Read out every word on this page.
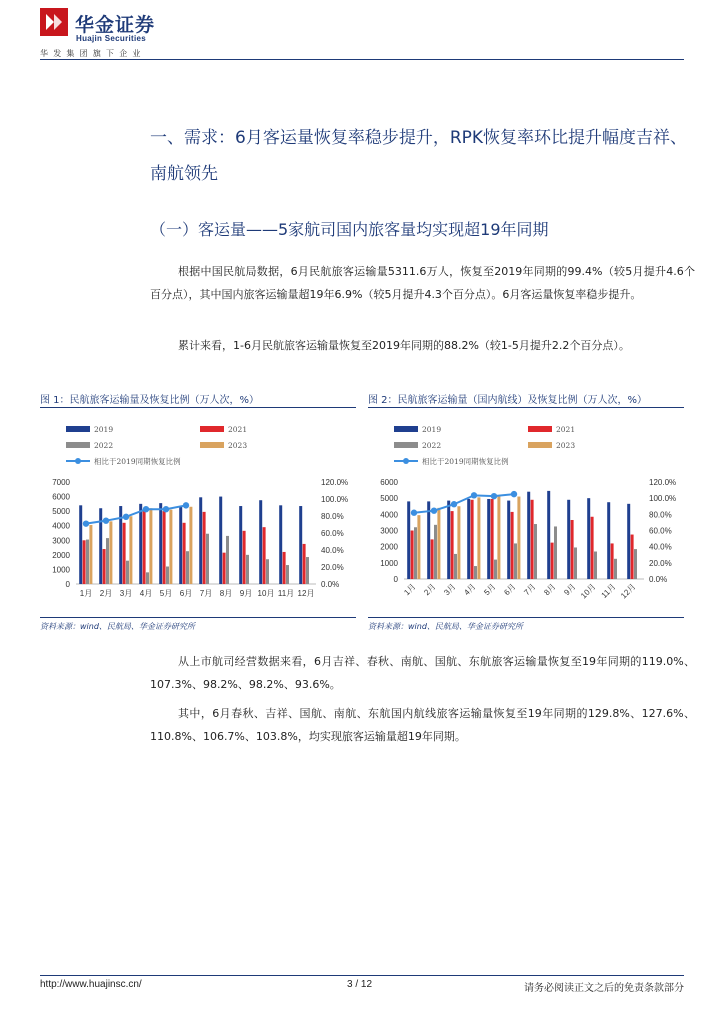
华金证券
Huajin Securities
华发集团旗下企业
一、需求：6月客运量恢复率稳步提升，RPK恢复率环比提升幅度吉祥、南航领先
（一）客运量——5家航司国内旅客量均实现超19年同期
根据中国民航局数据，6月民航旅客运输量5311.6万人，恢复至2019年同期的99.4%（较5月提升4.6个百分点），其中国内旅客运输量超19年6.9%（较5月提升4.3个百分点）。6月客运量恢复率稳步提升。
累计来看，1-6月民航旅客运输量恢复至2019年同期的88.2%（较1-5月提升2.2个百分点）。
图 1：民航旅客运输量及恢复比例（万人次，%）
2019	2021
2022	2023
相比于2019同期恢复比例
0
1000
2000
3000
4000
5000
6000
7000
0.0%
20.0%
40.0%
60.0%
80.0%
100.0%
120.0%
1月 2月 3月 4月 5月 6月 7月 8月 9月 10月 11月 12月
资料来源：wind、民航局、华金证券研究所
图 2：民航旅客运输量（国内航线）及恢复比例（万人次，%）
2019	2021
2022	2023
相比于2019同期恢复比例
0
1000
2000
3000
4000
5000
6000
0.0%
20.0%
40.0%
60.0%
80.0%
100.0%
120.0%
1月 2月 3月 4月 5月 6月 7月 8月 9月 10月 11月 12月
资料来源：wind、民航局、华金证券研究所
从上市航司经营数据来看，6月吉祥、春秋、南航、国航、东航旅客运输量恢复至19年同期的119.0%、107.3%、98.2%、98.2%、93.6%。
其中，6月春秋、吉祥、国航、南航、东航国内航线旅客运输量恢复至19年同期的129.8%、127.6%、110.8%、106.7%、103.8%，均实现旅客运输量超19年同期。
http://www.huajinsc.cn/	3 / 12	请务必阅读正文之后的免责条款部分
